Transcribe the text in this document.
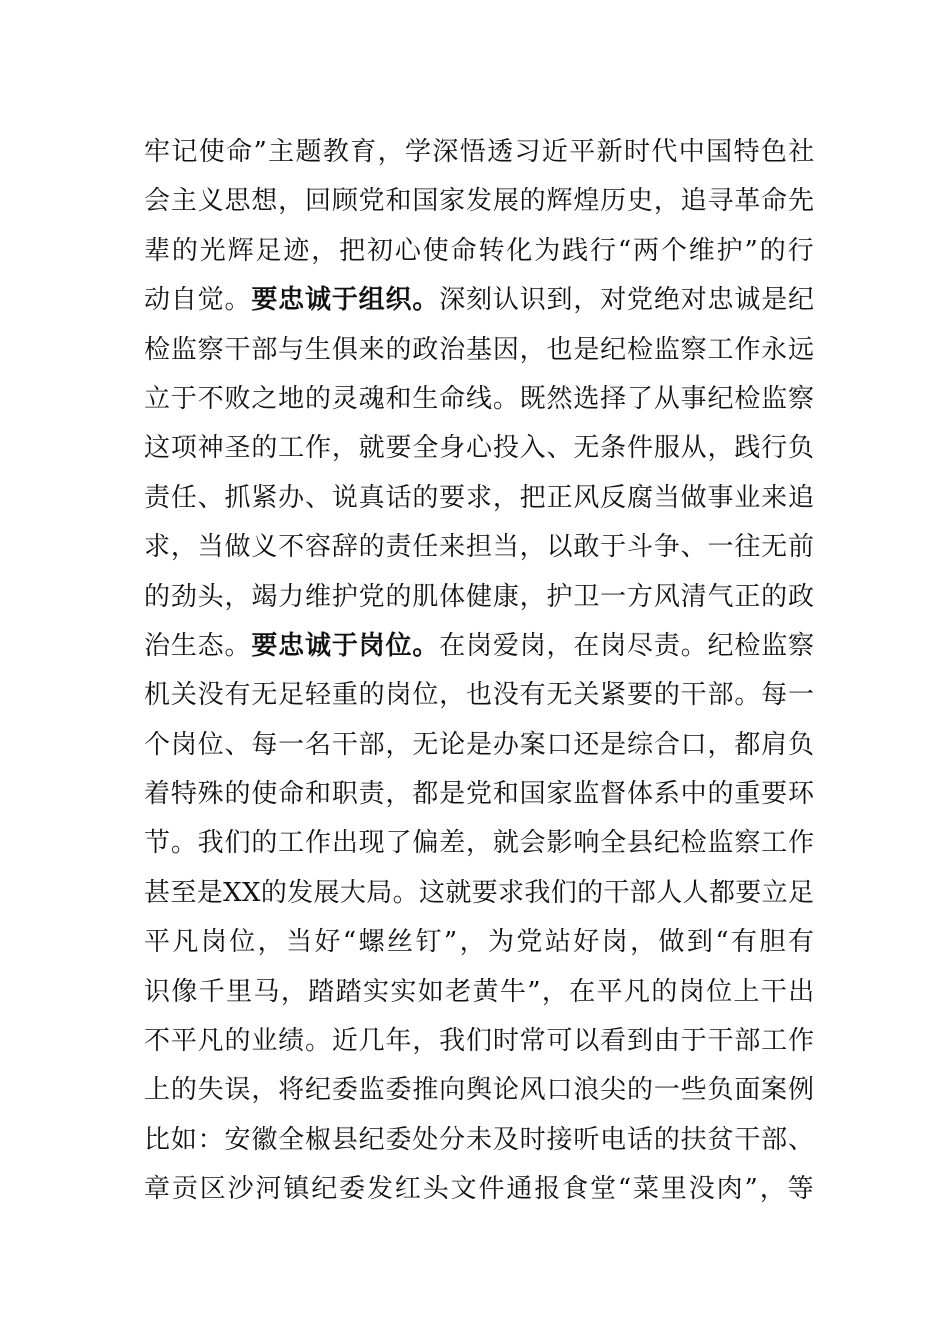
牢记使命”主题教育，学深悟透习近平新时代中国特色社
会主义思想，回顾党和国家发展的辉煌历史，追寻革命先
辈的光辉足迹，把初心使命转化为践行“两个维护”的行
动自觉。要忠诚于组织。深刻认识到，对党绝对忠诚是纪
检监察干部与生俱来的政治基因，也是纪检监察工作永远
立于不败之地的灵魂和生命线。既然选择了从事纪检监察
这项神圣的工作，就要全身心投入、无条件服从，践行负
责任、抓紧办、说真话的要求，把正风反腐当做事业来追
求，当做义不容辞的责任来担当，以敢于斗争、一往无前
的劲头，竭力维护党的肌体健康，护卫一方风清气正的政
治生态。要忠诚于岗位。在岗爱岗，在岗尽责。纪检监察
机关没有无足轻重的岗位，也没有无关紧要的干部。每一
个岗位、每一名干部，无论是办案口还是综合口，都肩负
着特殊的使命和职责，都是党和国家监督体系中的重要环
节。我们的工作出现了偏差，就会影响全县纪检监察工作
甚至是XX的发展大局。这就要求我们的干部人人都要立足
平凡岗位，当好“螺丝钉”，为党站好岗，做到“有胆有
识像千里马，踏踏实实如老黄牛”，在平凡的岗位上干出
不平凡的业绩。近几年，我们时常可以看到由于干部工作
上的失误，将纪委监委推向舆论风口浪尖的一些负面案例
比如：安徽全椒县纪委处分未及时接听电话的扶贫干部、
章贡区沙河镇纪委发红头文件通报食堂“菜里没肉”，等
